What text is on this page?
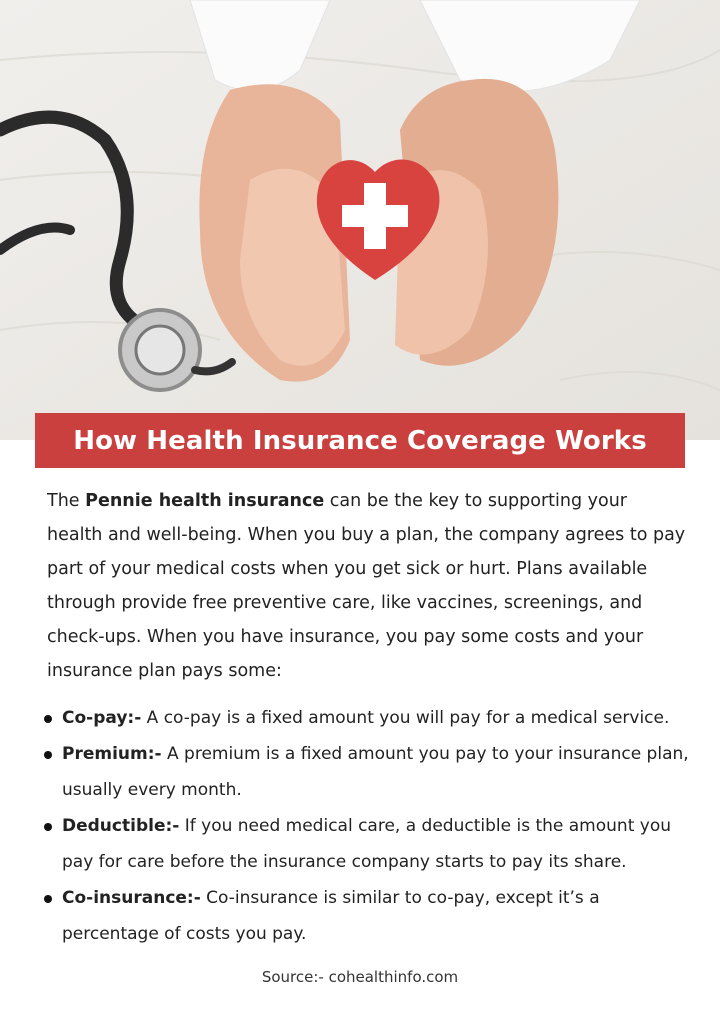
How Health Insurance Coverage Works

The Pennie health insurance can be the key to supporting your health and well-being. When you buy a plan, the company agrees to pay part of your medical costs when you get sick or hurt. Plans available through provide free preventive care, like vaccines, screenings, and check-ups. When you have insurance, you pay some costs and your insurance plan pays some:

Co-pay:- A co-pay is a fixed amount you will pay for a medical service.
Premium:- A premium is a fixed amount you pay to your insurance plan, usually every month.
Deductible:- If you need medical care, a deductible is the amount you pay for care before the insurance company starts to pay its share.
Co-insurance:- Co-insurance is similar to co-pay, except it’s a percentage of costs you pay.
Source:- cohealthinfo.com
